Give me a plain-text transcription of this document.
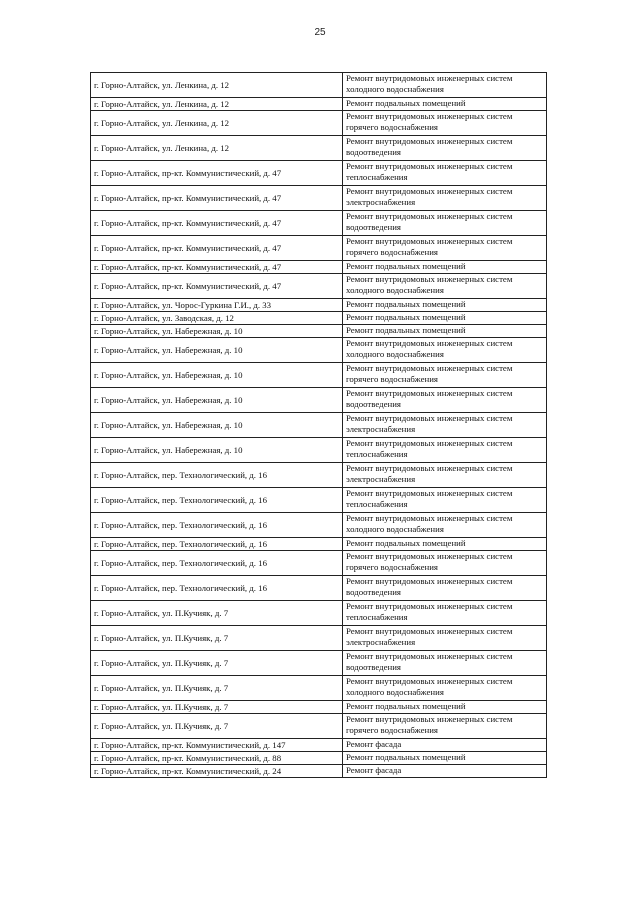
25
г. Горно-Алтайск, ул. Ленкина, д. 12	Ремонт внутридомовых инженерных систем холодного водоснабжения
г. Горно-Алтайск, ул. Ленкина, д. 12	Ремонт подвальных помещений
г. Горно-Алтайск, ул. Ленкина, д. 12	Ремонт внутридомовых инженерных систем горячего водоснабжения
г. Горно-Алтайск, ул. Ленкина, д. 12	Ремонт внутридомовых инженерных систем водоотведения
г. Горно-Алтайск, пр-кт. Коммунистический, д. 47	Ремонт внутридомовых инженерных систем теплоснабжения
г. Горно-Алтайск, пр-кт. Коммунистический, д. 47	Ремонт внутридомовых инженерных систем электроснабжения
г. Горно-Алтайск, пр-кт. Коммунистический, д. 47	Ремонт внутридомовых инженерных систем водоотведения
г. Горно-Алтайск, пр-кт. Коммунистический, д. 47	Ремонт внутридомовых инженерных систем горячего водоснабжения
г. Горно-Алтайск, пр-кт. Коммунистический, д. 47	Ремонт подвальных помещений
г. Горно-Алтайск, пр-кт. Коммунистический, д. 47	Ремонт внутридомовых инженерных систем холодного водоснабжения
г. Горно-Алтайск, ул. Чорос-Гуркина Г.И., д. 33	Ремонт подвальных помещений
г. Горно-Алтайск, ул. Заводская, д. 12	Ремонт подвальных помещений
г. Горно-Алтайск, ул. Набережная, д. 10	Ремонт подвальных помещений
г. Горно-Алтайск, ул. Набережная, д. 10	Ремонт внутридомовых инженерных систем холодного водоснабжения
г. Горно-Алтайск, ул. Набережная, д. 10	Ремонт внутридомовых инженерных систем горячего водоснабжения
г. Горно-Алтайск, ул. Набережная, д. 10	Ремонт внутридомовых инженерных систем водоотведения
г. Горно-Алтайск, ул. Набережная, д. 10	Ремонт внутридомовых инженерных систем электроснабжения
г. Горно-Алтайск, ул. Набережная, д. 10	Ремонт внутридомовых инженерных систем теплоснабжения
г. Горно-Алтайск, пер. Технологический, д. 16	Ремонт внутридомовых инженерных систем электроснабжения
г. Горно-Алтайск, пер. Технологический, д. 16	Ремонт внутридомовых инженерных систем теплоснабжения
г. Горно-Алтайск, пер. Технологический, д. 16	Ремонт внутридомовых инженерных систем холодного водоснабжения
г. Горно-Алтайск, пер. Технологический, д. 16	Ремонт подвальных помещений
г. Горно-Алтайск, пер. Технологический, д. 16	Ремонт внутридомовых инженерных систем горячего водоснабжения
г. Горно-Алтайск, пер. Технологический, д. 16	Ремонт внутридомовых инженерных систем водоотведения
г. Горно-Алтайск, ул. П.Кучияк, д. 7	Ремонт внутридомовых инженерных систем теплоснабжения
г. Горно-Алтайск, ул. П.Кучияк, д. 7	Ремонт внутридомовых инженерных систем электроснабжения
г. Горно-Алтайск, ул. П.Кучияк, д. 7	Ремонт внутридомовых инженерных систем водоотведения
г. Горно-Алтайск, ул. П.Кучияк, д. 7	Ремонт внутридомовых инженерных систем холодного водоснабжения
г. Горно-Алтайск, ул. П.Кучияк, д. 7	Ремонт подвальных помещений
г. Горно-Алтайск, ул. П.Кучияк, д. 7	Ремонт внутридомовых инженерных систем горячего водоснабжения
г. Горно-Алтайск, пр-кт. Коммунистический, д. 147	Ремонт фасада
г. Горно-Алтайск, пр-кт. Коммунистический, д. 88	Ремонт подвальных помещений
г. Горно-Алтайск, пр-кт. Коммунистический, д. 24	Ремонт фасада
